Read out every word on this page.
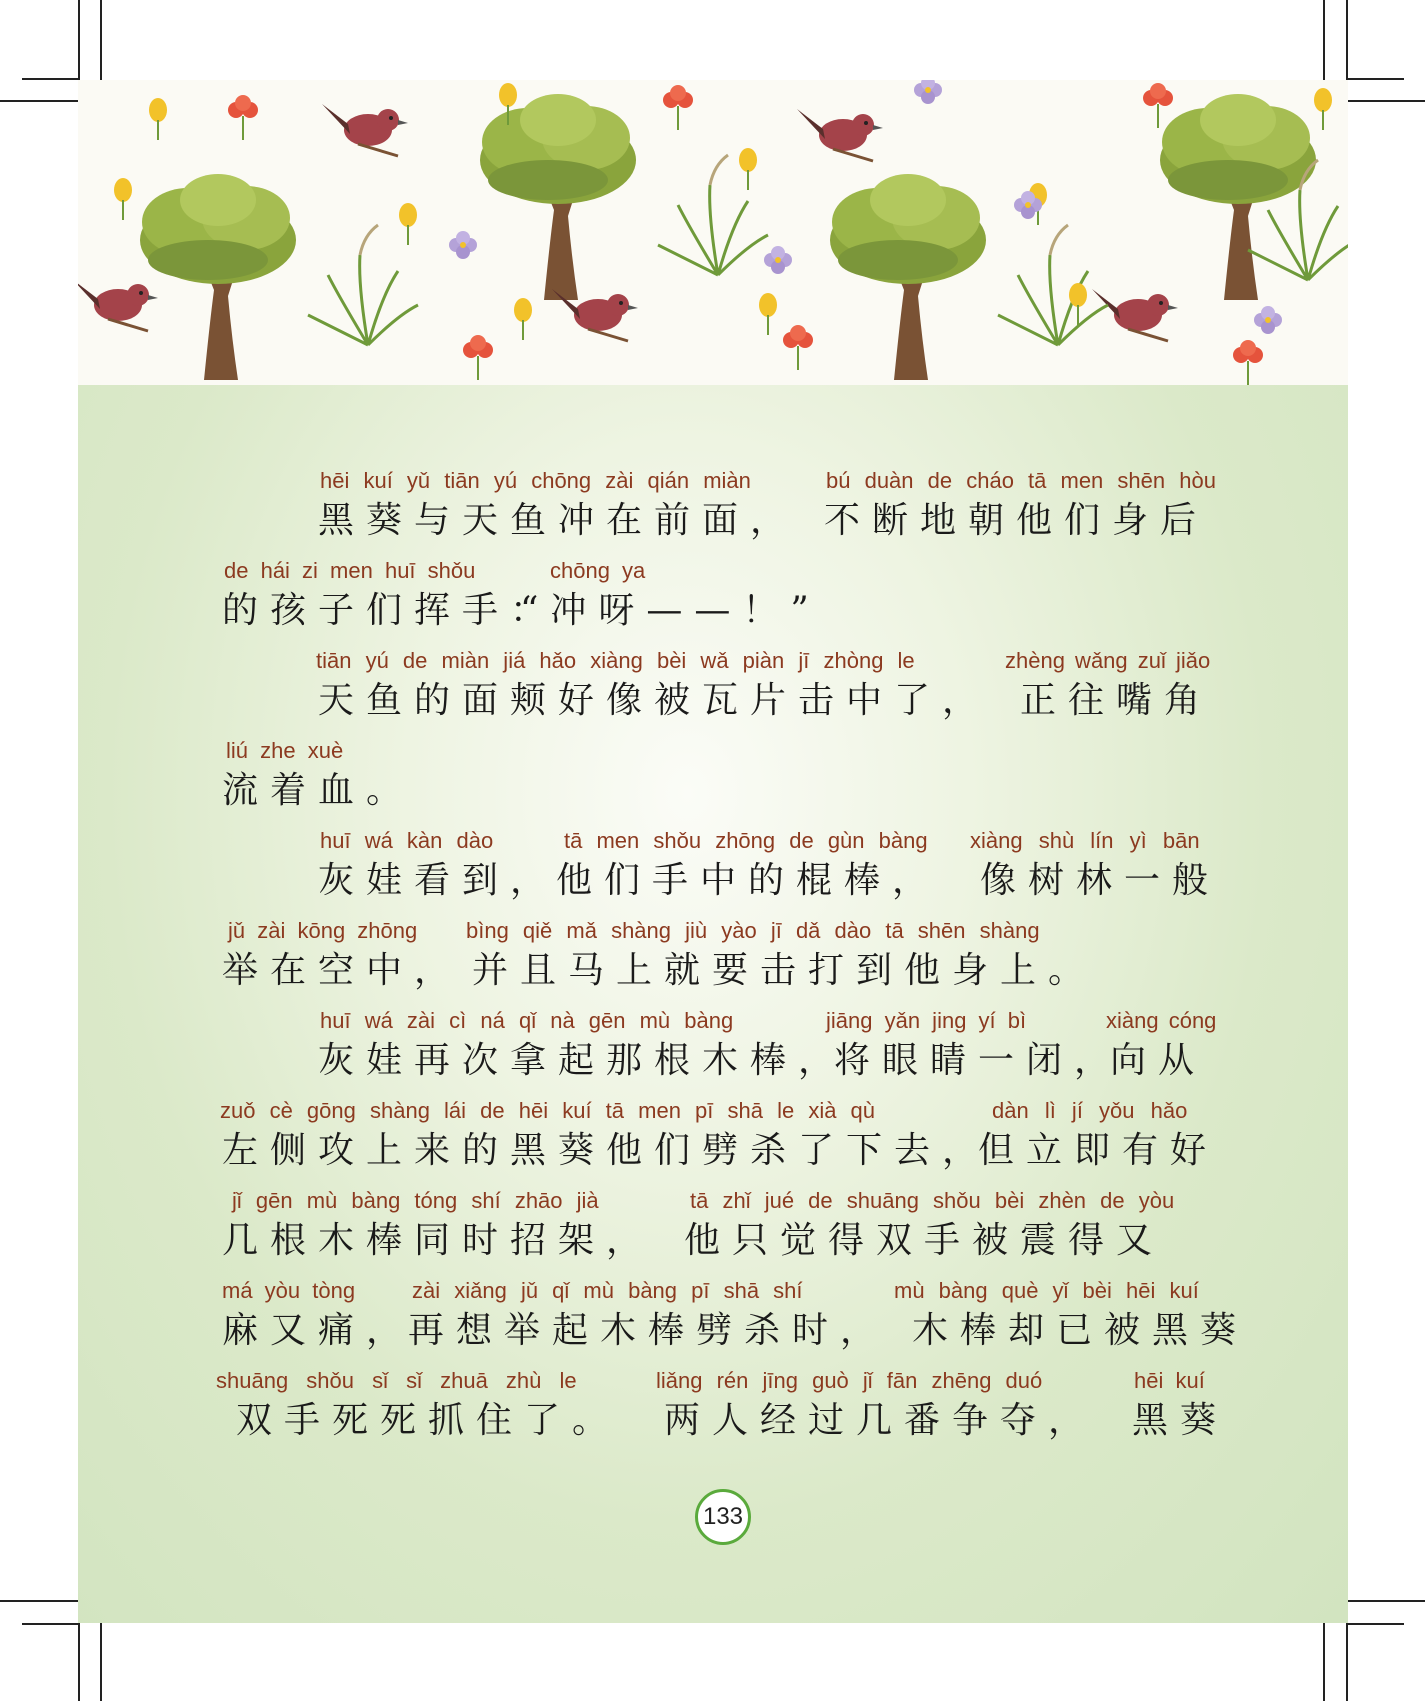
hēi kuí yǔ tiān yú chōng zài qián miàn	bú duàn de cháo tā men shēn hòu
黑葵与天鱼冲在前面， 不断地朝他们身后
de hái zi men huī shǒu	chōng ya
的孩子们挥手：
“冲呀——！”
tiān yú de miàn jiá hǎo xiàng bèi wǎ piàn jī zhòng le	zhèng wǎng zuǐ jiǎo
天鱼的面颊好像被瓦片击中了， 正往嘴角
liú zhe xuè
流着血。
huī wá kàn dào	tā men shǒu zhōng de gùn bàng xiàng shù lín yì bān
灰娃看到，
他们手中的棍棒， 像树林一般
jǔ zài kōng zhōng bìng qiě mǎ shàng jiù yào jī dǎ dào tā shēn shàng
举在空中， 并且马上就要击打到他身上。
huī wá zài cì ná qǐ nà gēn mù bàng	jiāng yǎn jing yí bì	xiàng cóng
灰娃再次拿起那根木棒，
将眼睛一闭，
向从
zuǒ cè gōng shàng lái de hēi kuí tā men pī shā le xià qù	dàn lì jí yǒu hǎo
左侧攻上来的黑葵他们劈杀了下去，
但立即有好
jǐ gēn mù bàng tóng shí zhāo jià	tā zhǐ jué de shuāng shǒu bèi zhèn de yòu
几根木棒同时招架， 他只觉得双手被震得又
má yòu tòng	zài xiǎng jǔ qǐ mù bàng pī shā shí	mù bàng què yǐ bèi hēi kuí
麻又痛，
再想举起木棒劈杀时， 木棒却已被黑葵
shuāng shǒu sǐ sǐ zhuā zhù le	liǎng rén jīng guò jǐ fān zhēng duó	hēi kuí
双手死死抓住了。 两人经过几番争夺， 黑葵
133
